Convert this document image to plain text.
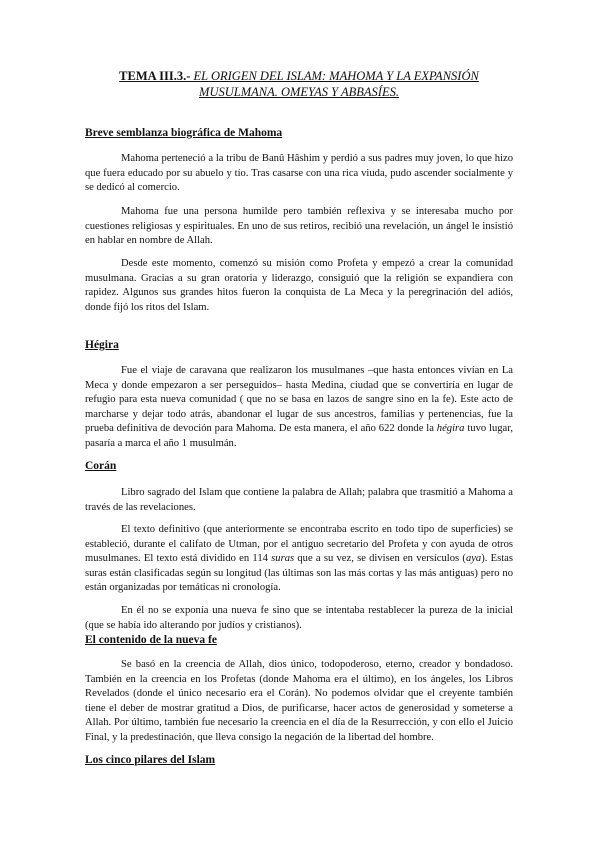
TEMA III.3.- EL ORIGEN DEL ISLAM: MAHOMA Y LA EXPANSIÓN MUSULMANA. OMEYAS Y ABBASÍES.
Breve semblanza biográfica de Mahoma

Mahoma perteneció a la tribu de Banû Hâshim y perdió a sus padres muy joven, lo que hizo que fuera educado por su abuelo y tío. Tras casarse con una rica viuda, pudo ascender socialmente y se dedicó al comercio.

Mahoma fue una persona humilde pero también reflexiva y se interesaba mucho por cuestiones religiosas y espirituales. En uno de sus retiros, recibió una revelación, un ángel le insistió en hablar en nombre de Allah.

Desde este momento, comenzó su misión como Profeta y empezó a crear la comunidad musulmana. Gracias a su gran oratoria y liderazgo, consiguió que la religión se expandiera con rapidez. Algunos sus grandes hitos fueron la conquista de La Meca y la peregrinación del adiós, donde fijó los ritos del Islam.

Hégira

Fue el viaje de caravana que realizaron los musulmanes –que hasta entonces vivían en La Meca y donde empezaron a ser perseguidos– hasta Medina, ciudad que se convertiría en lugar de refugio para esta nueva comunidad ( que no se basa en lazos de sangre sino en la fe). Este acto de marcharse y dejar todo atrás, abandonar el lugar de sus ancestros, familias y pertenencias, fue la prueba definitiva de devoción para Mahoma. De esta manera, el año 622 donde la hégira tuvo lugar, pasaría a marca el año 1 musulmán.

Corán

Libro sagrado del Islam que contiene la palabra de Allah; palabra que trasmitió a Mahoma a través de las revelaciones.

El texto definitivo (que anteriormente se encontraba escrito en todo tipo de superficies) se estableció, durante el califato de Utman, por el antiguo secretario del Profeta y con ayuda de otros musulmanes. El texto está dividido en 114 suras que a su vez, se divisen en versículos (aya). Estas suras están clasificadas según su longitud (las últimas son las más cortas y las más antiguas) pero no están organizadas por temáticas ni cronología.

En él no se exponía una nueva fe sino que se intentaba restablecer la pureza de la inicial (que se había ido alterando por judíos y cristianos).

El contenido de la nueva fe

Se basó en la creencia de Allah, dios único, todopoderoso, eterno, creador y bondadoso. También en la creencia en los Profetas (donde Mahoma era el último), en los ángeles, los Libros Revelados (donde el único necesario era el Corán). No podemos olvidar que el creyente también tiene el deber de mostrar gratitud a Dios, de purificarse, hacer actos de generosidad y someterse a Allah. Por último, también fue necesario la creencia en el día de la Resurrección, y con ello el Juicio Final, y la predestinación, que lleva consigo la negación de la libertad del hombre.

Los cinco pilares del Islam
